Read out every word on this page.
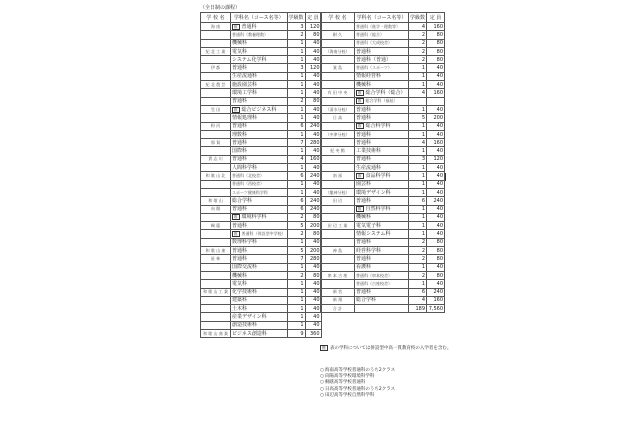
（全日制の課程）
学 校 名	学科名（コース名等）	学級数	定 員
海 南	推 普通科	3	120
	普通科（教養理数）	2	80
	機械科	1	40
紀 北 工 業	電気科	1	40
	システム化学科	1	40
伊 都	普通科	3	120
	生産流通科	1	40
紀 北 農 芸	施設園芸科	1	40
	環境工学科	1	40
	普通科	2	80
笠 田	推 総合ビジネス科	1	40
	情報処理科	1	40
粉 河	普通科	6	240
	理数科	1	40
那 賀	普通科	7	280
	国際科	1	40
貴 志 川	普通科	4	160
	人間科学科	1	40
和 歌 山 北	普通科（北校舎）	6	240
	普通科（西校舎）	1	40
	スポーツ健康科学科	1	40
和 歌 山	総合学科	6	240
向 陽	普通科	6	240
	推 環境科学科	2	80
桐 蔭	普通科	5	200
	推 普通科（併設型中学校）	2	80
	数理科学科	1	40
和 歌 山 東	普通科	5	200
星 林	普通科	7	280
	国際交流科	1	40
	機械科	2	80
	電気科	1	40
和 歌 山 工 業	化学技術科	1	40
	建築科	1	40
	土木科	1	40
	産業デザイン科	1	40
	創造技術科	1	40
和 歌 山 商 業	ビジネス創造科	9	360
学 校 名	学科名（コース名等）	学級数	定 員
	普通科（進学・理数等）	4	160
耐 久	普通科（総合）	2	80
	普通科（大成校舎）	2	80
（海南分校）	普通科	2	80
	普通科（普通）	2	80
箕 島	普通科（スポーツ）	1	40
	情報経営科	1	40
	機械科	1	40
有 田 中 央	推 総合学科（総合）	4	160
	推 総合学科（福祉）		
（清水分校）	普通科	1	40
日 高	普通科	5	200
	推 総合科学科	1	40
（中津分校）	普通科	1	40
	普通科	4	160
紀 央 館	工業技術科	1	40
	普通科	3	120
	生産流通科	1	40
南 部	推 食品科学科	1	40
	園芸科	1	40
（龍神分校）	環境デザイン科	1	40
田 辺	普通科	6	240
	推 自然科学科	1	40
	機械科	1	40
田 辺 工 業	電気電子科	1	40
	情報システム科	1	40
	普通科	2	80
神 島	経営科学科	2	80
	普通科	2	80
	看護科	1	40
串 本 古 座	普通科（串本校舎）	2	80
	普通科（古座校舎）	1	40
新 宮	普通科	6	240
新 翔	総合学科	4	160
合 計		189	7,560
推 表の学科については併設型中高一貫教育校の入学者を含む。
○ 海南高等学校普通科のうち2クラス
○ 向陽高等学校環境科学科
○ 桐蔭高等学校普通科
○ 日高高等学校普通科のうち2クラス
○ 田辺高等学校自然科学科
